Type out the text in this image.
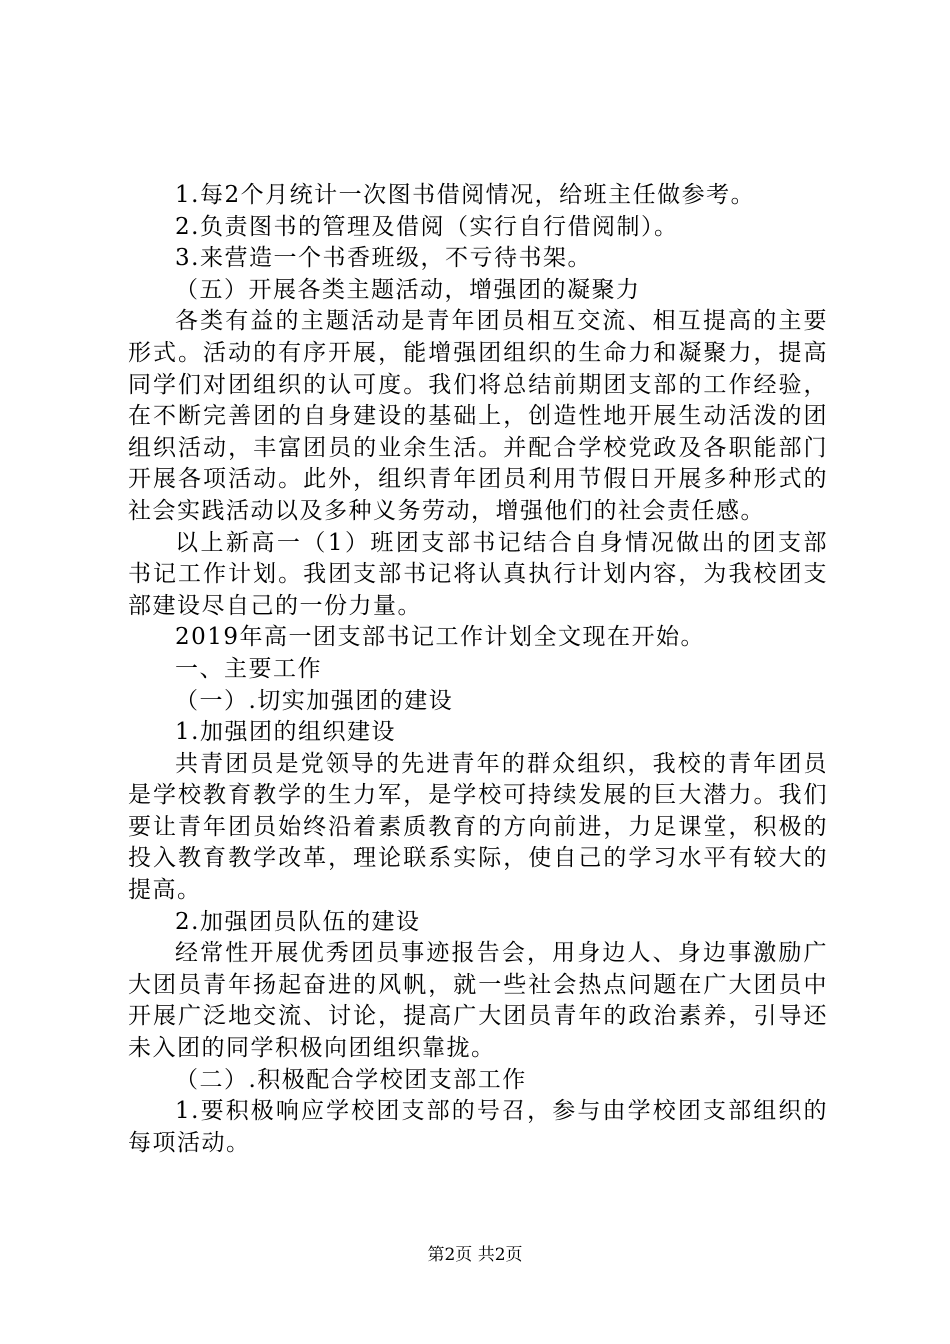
1.每2个月统计一次图书借阅情况，给班主任做参考。

2.负责图书的管理及借阅（实行自行借阅制）。

3.来营造一个书香班级，不亏待书架。

（五）开展各类主题活动，增强团的凝聚力

各类有益的主题活动是青年团员相互交流、相互提高的主要形式。活动的有序开展，能增强团组织的生命力和凝聚力，提高同学们对团组织的认可度。我们将总结前期团支部的工作经验，在不断完善团的自身建设的基础上，创造性地开展生动活泼的团组织活动，丰富团员的业余生活。并配合学校党政及各职能部门开展各项活动。此外，组织青年团员利用节假日开展多种形式的社会实践活动以及多种义务劳动，增强他们的社会责任感。

以上新高一（1）班团支部书记结合自身情况做出的团支部书记工作计划。我团支部书记将认真执行计划内容，为我校团支部建设尽自己的一份力量。

2019年高一团支部书记工作计划全文现在开始。

一、主要工作

（一）.切实加强团的建设

1.加强团的组织建设

共青团员是党领导的先进青年的群众组织，我校的青年团员是学校教育教学的生力军，是学校可持续发展的巨大潜力。我们要让青年团员始终沿着素质教育的方向前进，力足课堂，积极的投入教育教学改革，理论联系实际，使自己的学习水平有较大的提高。

2.加强团员队伍的建设

经常性开展优秀团员事迹报告会，用身边人、身边事激励广大团员青年扬起奋进的风帆，就一些社会热点问题在广大团员中开展广泛地交流、讨论，提高广大团员青年的政治素养，引导还未入团的同学积极向团组织靠拢。

（二）.积极配合学校团支部工作

1.要积极响应学校团支部的号召，参与由学校团支部组织的每项活动。

第2页 共2页
